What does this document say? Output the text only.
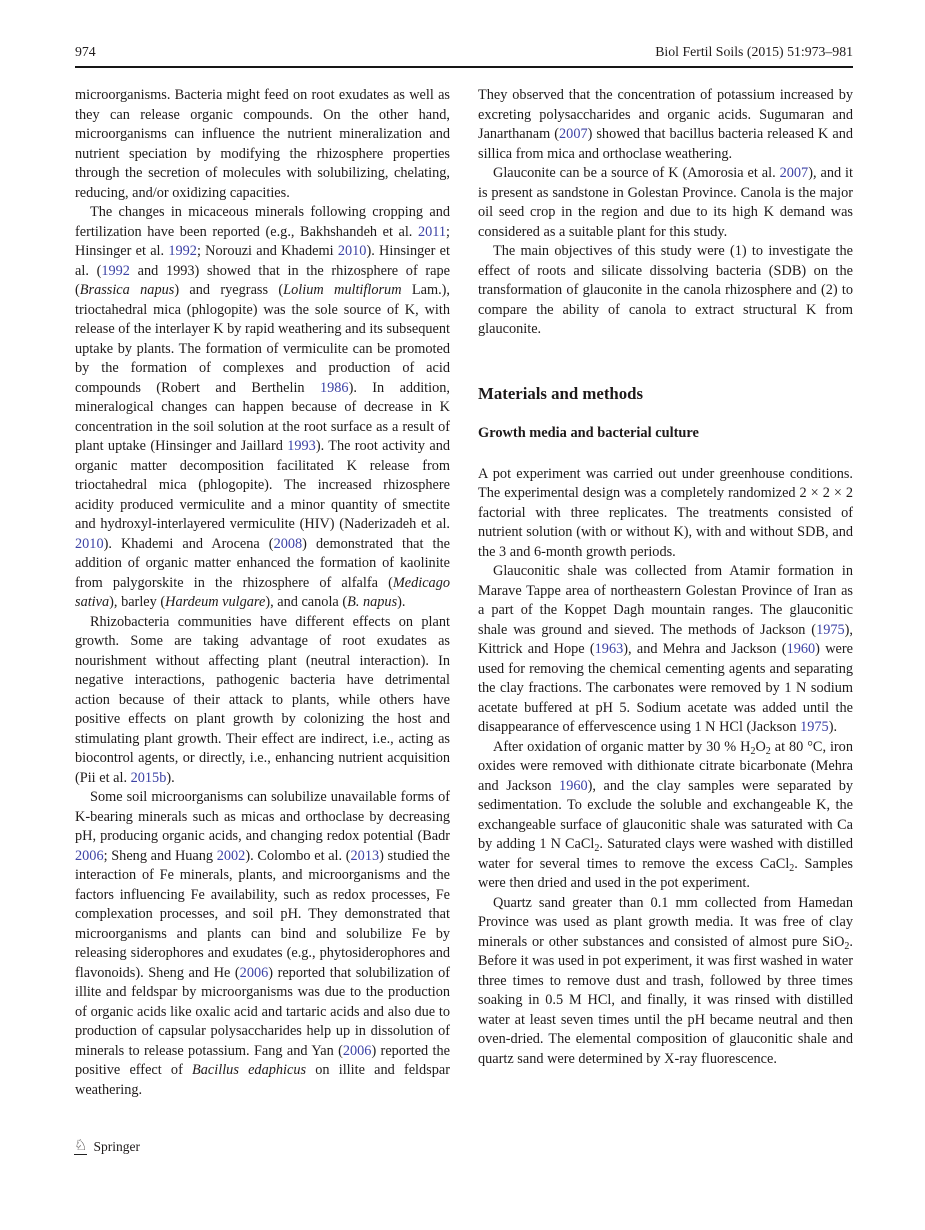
974	Biol Fertil Soils (2015) 51:973–981

microorganisms. Bacteria might feed on root exudates as well as they can release organic compounds. On the other hand, microorganisms can influence the nutrient mineralization and nutrient speciation by modifying the rhizosphere properties through the secretion of molecules with solubilizing, chelating, reducing, and/or oxidizing capacities.

The changes in micaceous minerals following cropping and fertilization have been reported (e.g., Bakhshandeh et al. 2011; Hinsinger et al. 1992; Norouzi and Khademi 2010). Hinsinger et al. (1992 and 1993) showed that in the rhizosphere of rape (Brassica napus) and ryegrass (Lolium multiflorum Lam.), trioctahedral mica (phlogopite) was the sole source of K, with release of the interlayer K by rapid weathering and its subsequent uptake by plants. The formation of vermiculite can be promoted by the formation of complexes and production of acid compounds (Robert and Berthelin 1986). In addition, mineralogical changes can happen because of decrease in K concentration in the soil solution at the root surface as a result of plant uptake (Hinsinger and Jaillard 1993). The root activity and organic matter decomposition facilitated K release from trioctahedral mica (phlogopite). The increased rhizosphere acidity produced vermiculite and a minor quantity of smectite and hydroxyl-interlayered vermiculite (HIV) (Naderizadeh et al. 2010). Khademi and Arocena (2008) demonstrated that the addition of organic matter enhanced the formation of kaolinite from palygorskite in the rhizosphere of alfalfa (Medicago sativa), barley (Hardeum vulgare), and canola (B. napus).

Rhizobacteria communities have different effects on plant growth. Some are taking advantage of root exudates as nourishment without affecting plant (neutral interaction). In negative interactions, pathogenic bacteria have detrimental action because of their attack to plants, while others have positive effects on plant growth by colonizing the host and stimulating plant growth. Their effect are indirect, i.e., acting as biocontrol agents, or directly, i.e., enhancing nutrient acquisition (Pii et al. 2015b).

Some soil microorganisms can solubilize unavailable forms of K-bearing minerals such as micas and orthoclase by decreasing pH, producing organic acids, and changing redox potential (Badr 2006; Sheng and Huang 2002). Colombo et al. (2013) studied the interaction of Fe minerals, plants, and microorganisms and the factors influencing Fe availability, such as redox processes, Fe complexation processes, and soil pH. They demonstrated that microorganisms and plants can bind and solubilize Fe by releasing siderophores and exudates (e.g., phytosiderophores and flavonoids). Sheng and He (2006) reported that solubilization of illite and feldspar by microorganisms was due to the production of organic acids like oxalic acid and tartaric acids and also due to production of capsular polysaccharides help up in dissolution of minerals to release potassium. Fang and Yan (2006) reported the positive effect of Bacillus edaphicus on illite and feldspar weathering.

They observed that the concentration of potassium increased by excreting polysaccharides and organic acids. Sugumaran and Janarthanam (2007) showed that bacillus bacteria released K and sillica from mica and orthoclase weathering.

Glauconite can be a source of K (Amorosia et al. 2007), and it is present as sandstone in Golestan Province. Canola is the major oil seed crop in the region and due to its high K demand was considered as a suitable plant for this study.

The main objectives of this study were (1) to investigate the effect of roots and silicate dissolving bacteria (SDB) on the transformation of glauconite in the canola rhizosphere and (2) to compare the ability of canola to extract structural K from glauconite.

Materials and methods
Growth media and bacterial culture

A pot experiment was carried out under greenhouse conditions. The experimental design was a completely randomized 2 × 2 × 2 factorial with three replicates. The treatments consisted of nutrient solution (with or without K), with and without SDB, and the 3 and 6-month growth periods.

Glauconitic shale was collected from Atamir formation in Marave Tappe area of northeastern Golestan Province of Iran as a part of the Koppet Dagh mountain ranges. The glauconitic shale was ground and sieved. The methods of Jackson (1975), Kittrick and Hope (1963), and Mehra and Jackson (1960) were used for removing the chemical cementing agents and separating the clay fractions. The carbonates were removed by 1 N sodium acetate buffered at pH 5. Sodium acetate was added until the disappearance of effervescence using 1 N HCl (Jackson 1975).

After oxidation of organic matter by 30 % $H_2O_2$ at 80 °C, iron oxides were removed with dithionate citrate bicarbonate (Mehra and Jackson 1960), and the clay samples were separated by sedimentation. To exclude the soluble and exchangeable K, the exchangeable surface of glauconitic shale was saturated with Ca by adding 1 N CaCl$_2$. Saturated clays were washed with distilled water for several times to remove the excess CaCl$_2$. Samples were then dried and used in the pot experiment.

Quartz sand greater than 0.1 mm collected from Hamedan Province was used as plant growth media. It was free of clay minerals or other substances and consisted of almost pure SiO$_2$. Before it was used in pot experiment, it was first washed in water three times to remove dust and trash, followed by three times soaking in 0.5 M HCl, and finally, it was rinsed with distilled water at least seven times until the pH became neutral and then oven-dried. The elemental composition of glauconitic shale and quartz sand were determined by X-ray fluorescence.

♘ Springer
